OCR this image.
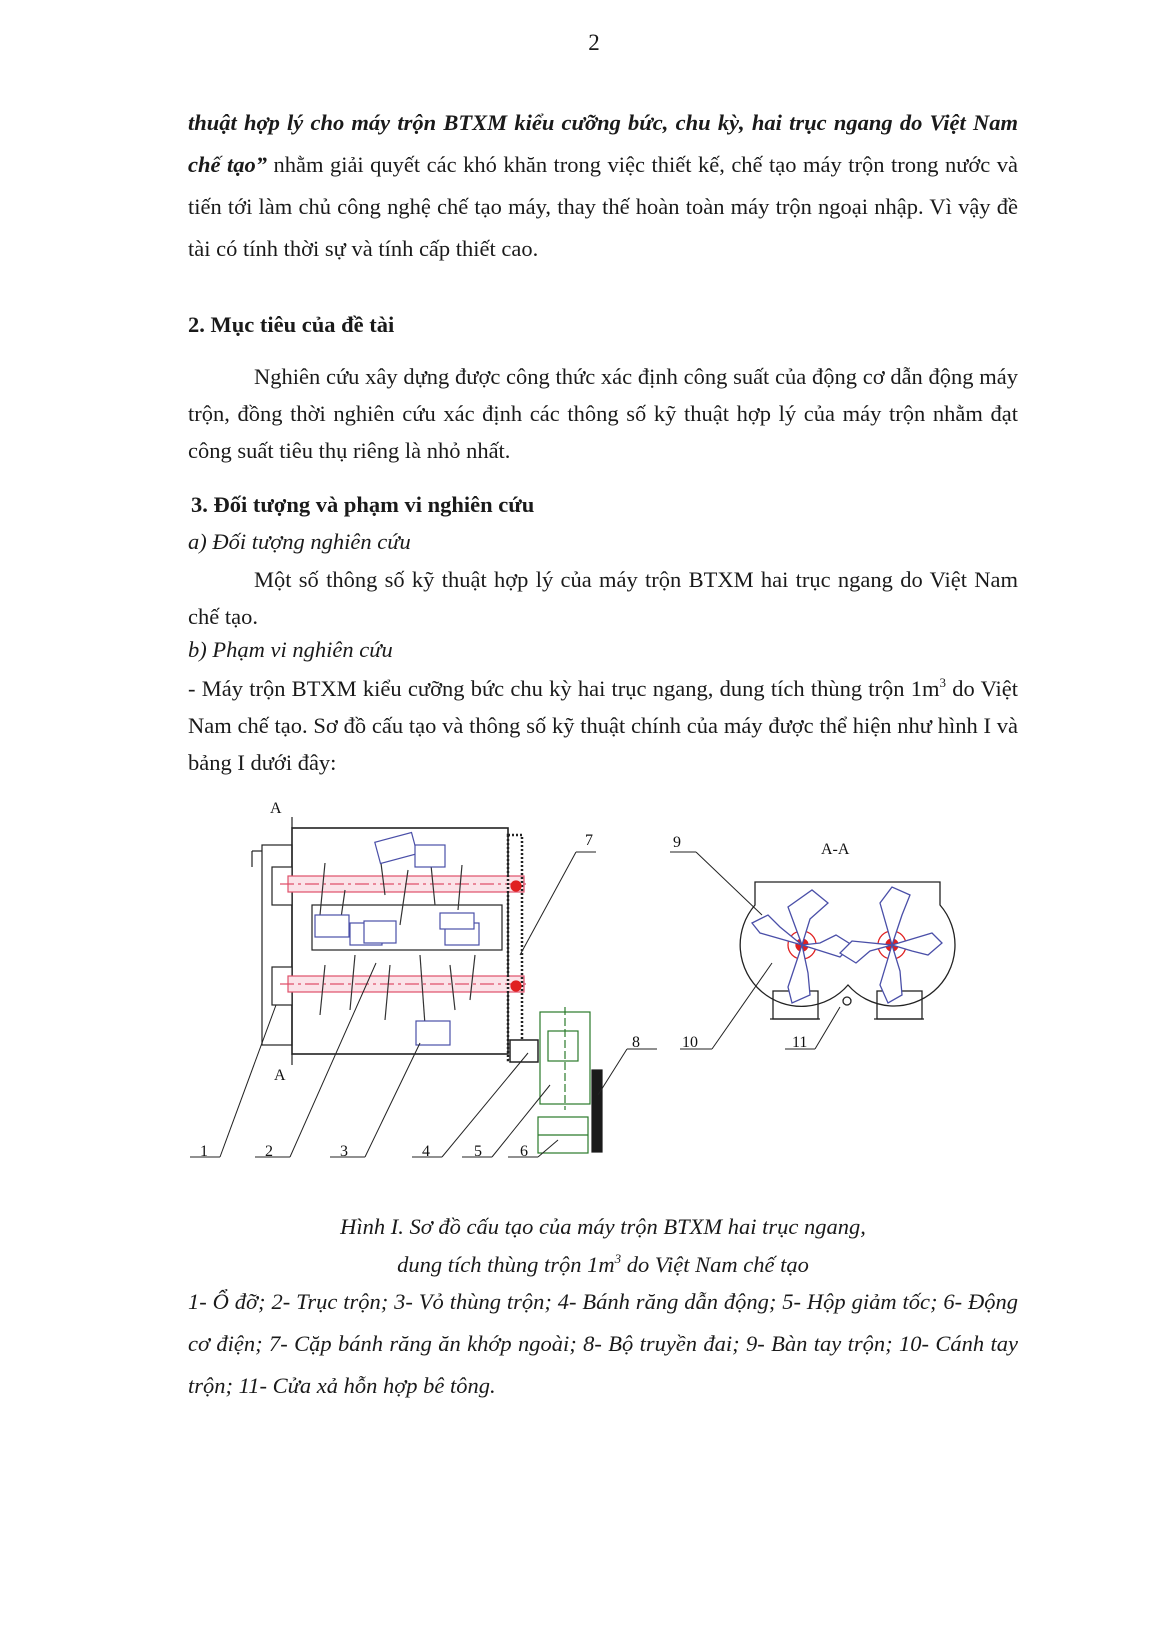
2
thuật hợp lý cho máy trộn BTXM kiểu cưỡng bức, chu kỳ, hai trục ngang do Việt Nam chế tạo” nhằm giải quyết các khó khăn trong việc thiết kế, chế tạo máy trộn trong nước và tiến tới làm chủ công nghệ chế tạo máy, thay thế hoàn toàn máy trộn ngoại nhập. Vì vậy đề tài có tính thời sự và tính cấp thiết cao.
2. Mục tiêu của đề tài
Nghiên cứu xây dựng được công thức xác định công suất của động cơ dẫn động máy trộn, đồng thời nghiên cứu xác định các thông số kỹ thuật hợp lý của máy trộn nhằm đạt công suất tiêu thụ riêng là nhỏ nhất.
3. Đối tượng và phạm vi nghiên cứu
a) Đối tượng nghiên cứu
Một số thông số kỹ thuật hợp lý của máy trộn BTXM hai trục ngang do Việt Nam chế tạo.
b) Phạm vi nghiên cứu
- Máy trộn BTXM kiểu cưỡng bức chu kỳ hai trục ngang, dung tích thùng trộn $1m^3$ do Việt Nam chế tạo. Sơ đồ cấu tạo và thông số kỹ thuật chính của máy được thể hiện như hình I và bảng I dưới đây:
A
A
A-A
1	2	3	4	5 6
7
8
9
10	11
Hình I. Sơ đồ cấu tạo của máy trộn BTXM hai trục ngang,
dung tích thùng trộn $1m^3$ do Việt Nam chế tạo
1- Ổ đỡ; 2- Trục trộn; 3- Vỏ thùng trộn; 4- Bánh răng dẫn động; 5- Hộp giảm tốc; 6- Động cơ điện; 7- Cặp bánh răng ăn khớp ngoài; 8- Bộ truyền đai; 9- Bàn tay trộn; 10- Cánh tay trộn; 11- Cửa xả hỗn hợp bê tông.
